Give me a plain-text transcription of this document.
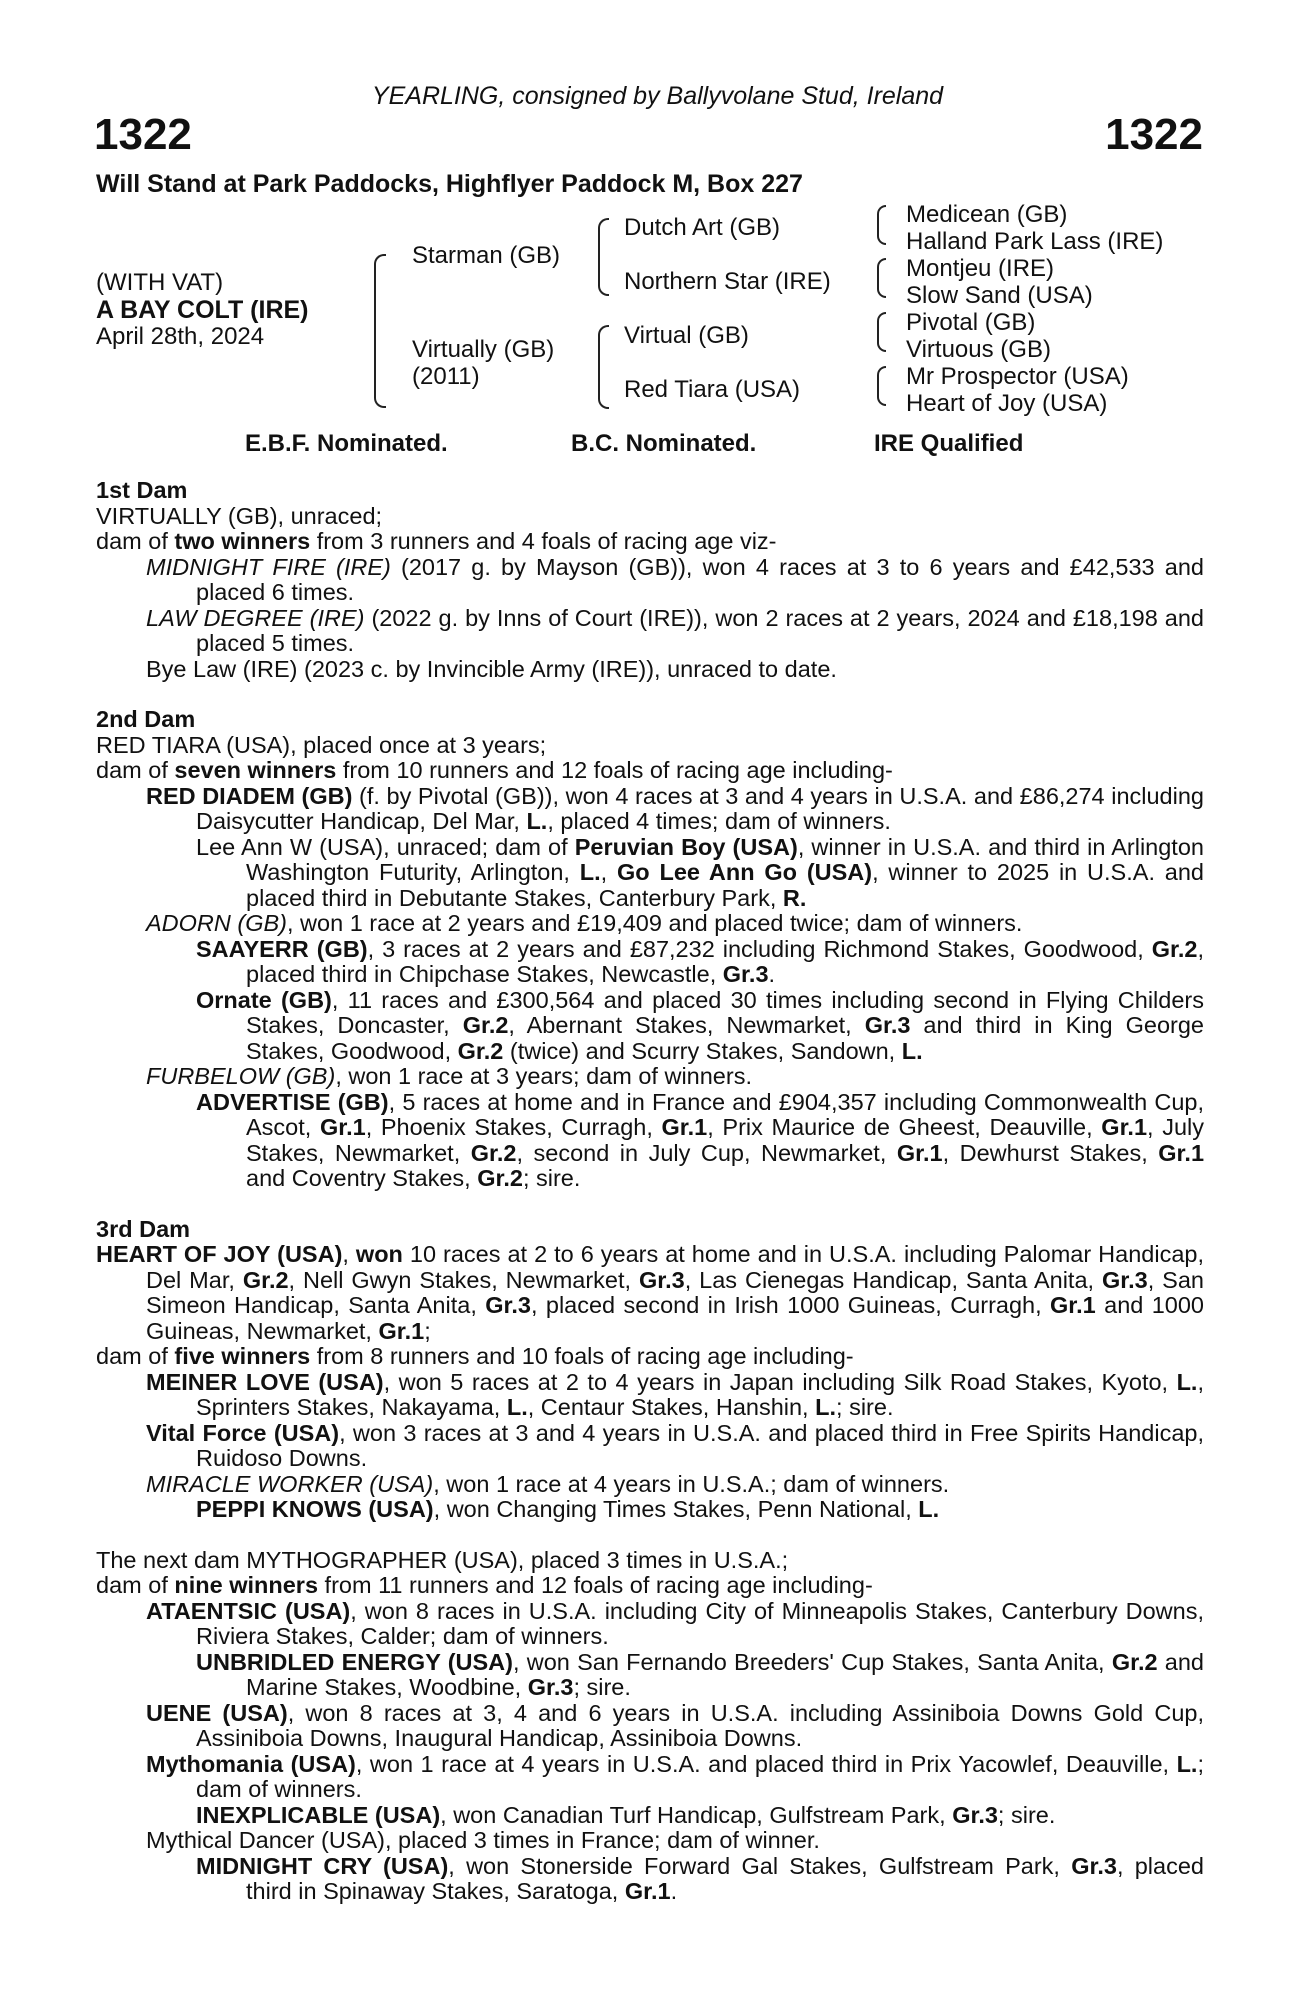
YEARLING, consigned by Ballyvolane Stud, Ireland
1322	1322
Will Stand at Park Paddocks, Highflyer Paddock M, Box 227
(WITH VAT)
A BAY COLT (IRE)
April 28th, 2024
Starman (GB)
Virtually (GB)
(2011)
Dutch Art (GB)
Northern Star (IRE)
Virtual (GB)
Red Tiara (USA)
Medicean (GB)
Halland Park Lass (IRE)
Montjeu (IRE)
Slow Sand (USA)
Pivotal (GB)
Virtuous (GB)
Mr Prospector (USA)
Heart of Joy (USA)
E.B.F. Nominated.	B.C. Nominated.	IRE Qualified

1st Dam

VIRTUALLY (GB), unraced;

dam of two winners from 3 runners and 4 foals of racing age viz-

MIDNIGHT FIRE (IRE) (2017 g. by Mayson (GB)), won 4 races at 3 to 6 years and £42,533 and placed 6 times.

LAW DEGREE (IRE) (2022 g. by Inns of Court (IRE)), won 2 races at 2 years, 2024 and £18,198 and placed 5 times.

Bye Law (IRE) (2023 c. by Invincible Army (IRE)), unraced to date.

2nd Dam

RED TIARA (USA), placed once at 3 years;

dam of seven winners from 10 runners and 12 foals of racing age including-

RED DIADEM (GB) (f. by Pivotal (GB)), won 4 races at 3 and 4 years in U.S.A. and £86,274 including Daisycutter Handicap, Del Mar, L., placed 4 times; dam of winners.

Lee Ann W (USA), unraced; dam of Peruvian Boy (USA), winner in U.S.A. and third in Arlington Washington Futurity, Arlington, L., Go Lee Ann Go (USA), winner to 2025 in U.S.A. and placed third in Debutante Stakes, Canterbury Park, R.

ADORN (GB), won 1 race at 2 years and £19,409 and placed twice; dam of winners.

SAAYERR (GB), 3 races at 2 years and £87,232 including Richmond Stakes, Goodwood, Gr.2, placed third in Chipchase Stakes, Newcastle, Gr.3.

Ornate (GB), 11 races and £300,564 and placed 30 times including second in Flying Childers Stakes, Doncaster, Gr.2, Abernant Stakes, Newmarket, Gr.3 and third in King George Stakes, Goodwood, Gr.2 (twice) and Scurry Stakes, Sandown, L.

FURBELOW (GB), won 1 race at 3 years; dam of winners.

ADVERTISE (GB), 5 races at home and in France and £904,357 including Commonwealth Cup, Ascot, Gr.1, Phoenix Stakes, Curragh, Gr.1, Prix Maurice de Gheest, Deauville, Gr.1, July Stakes, Newmarket, Gr.2, second in July Cup, Newmarket, Gr.1, Dewhurst Stakes, Gr.1 and Coventry Stakes, Gr.2; sire.

3rd Dam

HEART OF JOY (USA), won 10 races at 2 to 6 years at home and in U.S.A. including Palomar Handicap, Del Mar, Gr.2, Nell Gwyn Stakes, Newmarket, Gr.3, Las Cienegas Handicap, Santa Anita, Gr.3, San Simeon Handicap, Santa Anita, Gr.3, placed second in Irish 1000 Guineas, Curragh, Gr.1 and 1000 Guineas, Newmarket, Gr.1;

dam of five winners from 8 runners and 10 foals of racing age including-

MEINER LOVE (USA), won 5 races at 2 to 4 years in Japan including Silk Road Stakes, Kyoto, L., Sprinters Stakes, Nakayama, L., Centaur Stakes, Hanshin, L.; sire.

Vital Force (USA), won 3 races at 3 and 4 years in U.S.A. and placed third in Free Spirits Handicap, Ruidoso Downs.

MIRACLE WORKER (USA), won 1 race at 4 years in U.S.A.; dam of winners.

PEPPI KNOWS (USA), won Changing Times Stakes, Penn National, L.

The next dam MYTHOGRAPHER (USA), placed 3 times in U.S.A.;

dam of nine winners from 11 runners and 12 foals of racing age including-

ATAENTSIC (USA), won 8 races in U.S.A. including City of Minneapolis Stakes, Canterbury Downs, Riviera Stakes, Calder; dam of winners.

UNBRIDLED ENERGY (USA), won San Fernando Breeders' Cup Stakes, Santa Anita, Gr.2 and Marine Stakes, Woodbine, Gr.3; sire.

UENE (USA), won 8 races at 3, 4 and 6 years in U.S.A. including Assiniboia Downs Gold Cup, Assiniboia Downs, Inaugural Handicap, Assiniboia Downs.

Mythomania (USA), won 1 race at 4 years in U.S.A. and placed third in Prix Yacowlef, Deauville, L.; dam of winners.

INEXPLICABLE (USA), won Canadian Turf Handicap, Gulfstream Park, Gr.3; sire.

Mythical Dancer (USA), placed 3 times in France; dam of winner.

MIDNIGHT CRY (USA), won Stonerside Forward Gal Stakes, Gulfstream Park, Gr.3, placed third in Spinaway Stakes, Saratoga, Gr.1.
